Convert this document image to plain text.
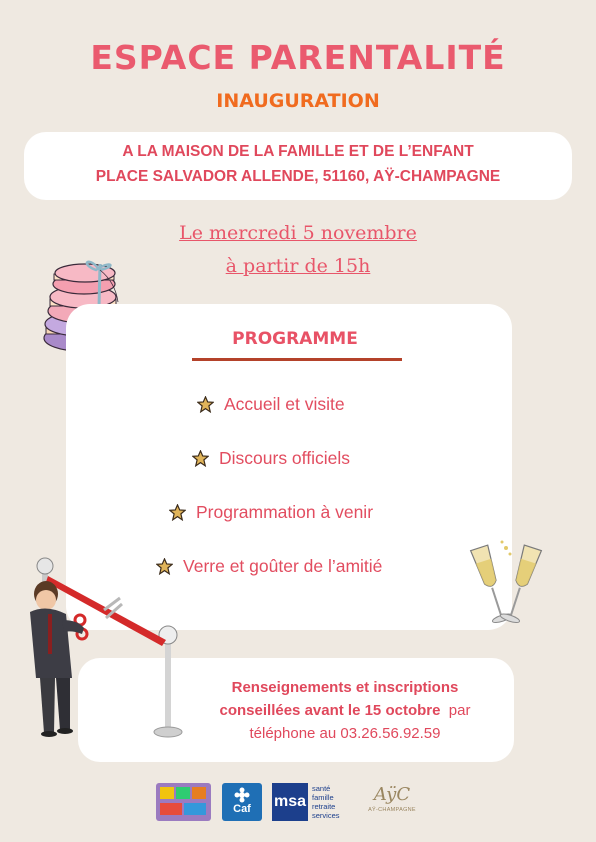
ESPACE PARENTALITÉ
INAUGURATION
A LA MAISON DE LA FAMILLE ET DE L’ENFANT
PLACE SALVADOR ALLENDE, 51160, AŸ-CHAMPAGNE
Le mercredi 5 novembre
à partir de 15h
PROGRAMME
Accueil et visite
Discours officiels
Programmation à venir
Verre et goûter de l’amitié
Renseignements et inscriptions
conseillées avant le 15 octobre  par
téléphone au 03.26.56.92.59
Caf	msa
santé
famille
retraite
services
AÿC
AŸ-CHAMPAGNE
